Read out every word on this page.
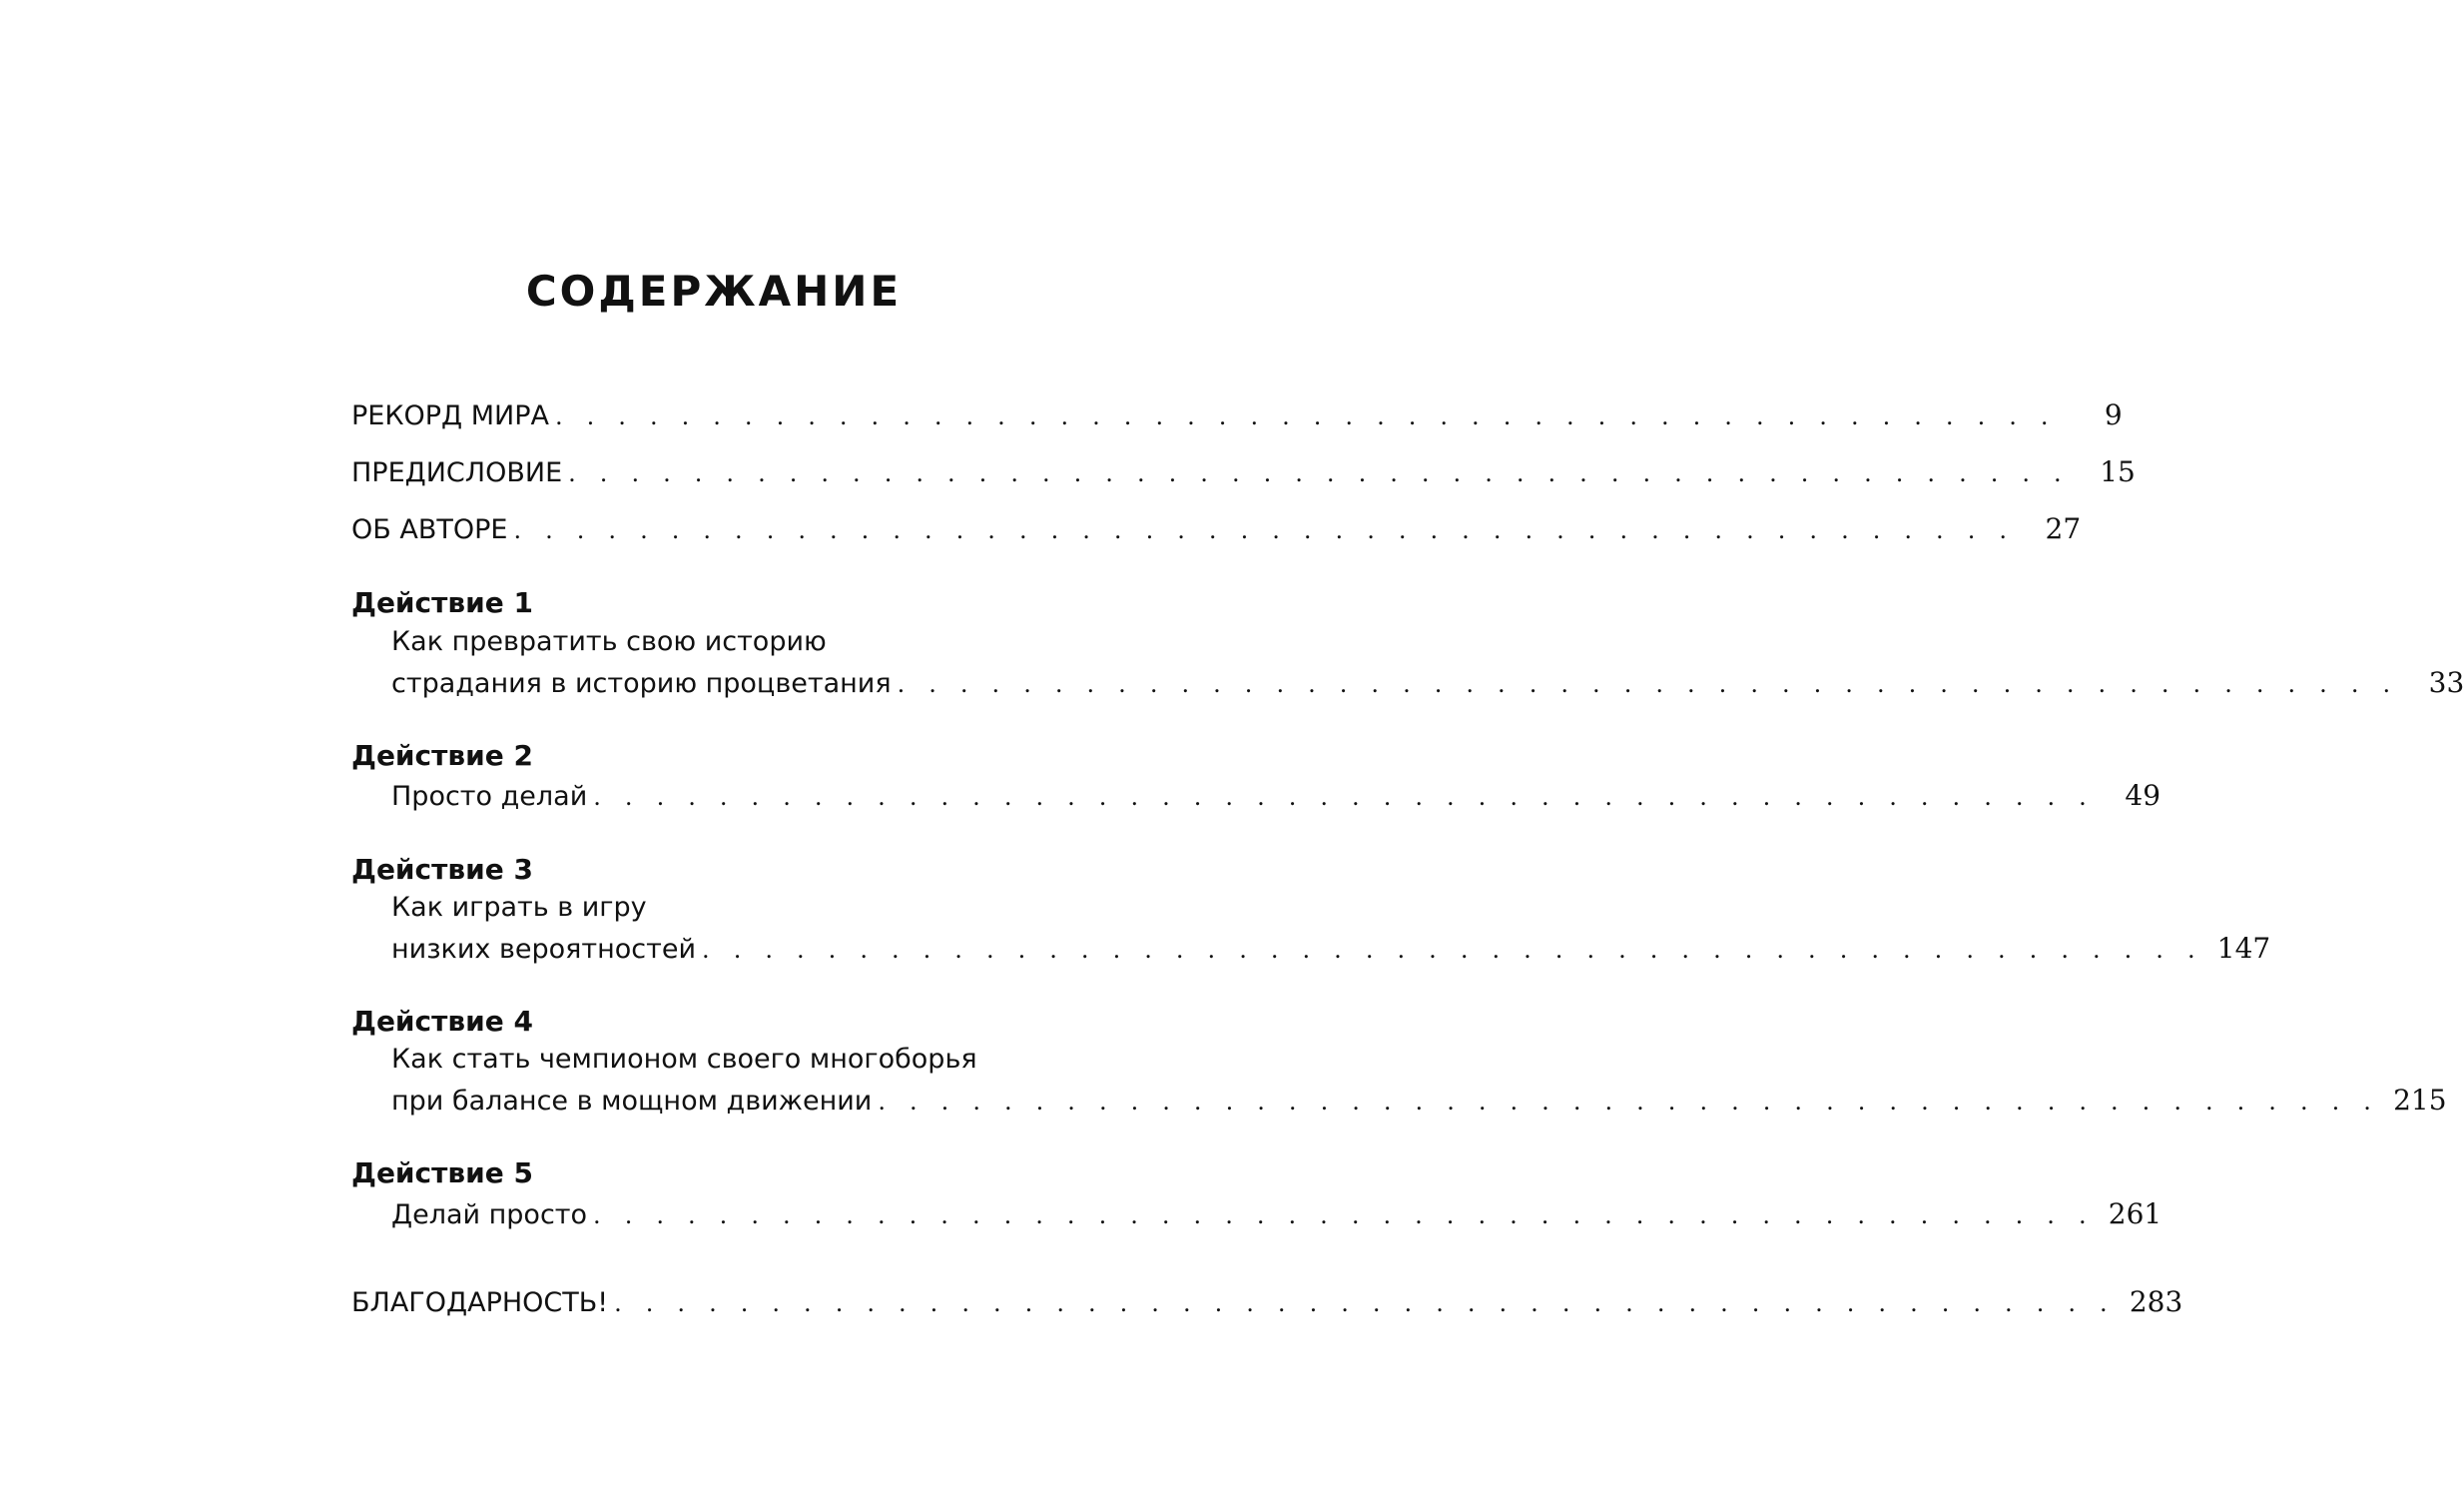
СОДЕРЖАНИЕ
РЕКОРД МИРА . . . . . . . . . . . . . . . . . . . . . . . . . . . . . . . . . . . . . . . . . . . . . . . .	9
ПРЕДИСЛОВИЕ . . . . . . . . . . . . . . . . . . . . . . . . . . . . . . . . . . . . . . . . . . . . . . . .	15
ОБ АВТОРЕ . . . . . . . . . . . . . . . . . . . . . . . . . . . . . . . . . . . . . . . . . . . . . . . .	27
Действие 1
Как превратить свою историю
страдания в историю процветания . . . . . . . . . . . . . . . . . . . . . . . . . . . . . . . . . . . . . . . . . . . . . . . .	33
Действие 2
Просто делай . . . . . . . . . . . . . . . . . . . . . . . . . . . . . . . . . . . . . . . . . . . . . . . .	49
Действие 3
Как играть в игру
низких вероятностей . . . . . . . . . . . . . . . . . . . . . . . . . . . . . . . . . . . . . . . . . . . . . . . . 147
Действие 4
Как стать чемпионом своего многоборья
при балансе в мощном движении . . . . . . . . . . . . . . . . . . . . . . . . . . . . . . . . . . . . . . . . . . . . . . . . 215
Действие 5
Делай просто . . . . . . . . . . . . . . . . . . . . . . . . . . . . . . . . . . . . . . . . . . . . . . . . 261
БЛАГОДАРНОСТЬ! . . . . . . . . . . . . . . . . . . . . . . . . . . . . . . . . . . . . . . . . . . . . . . . . 283
